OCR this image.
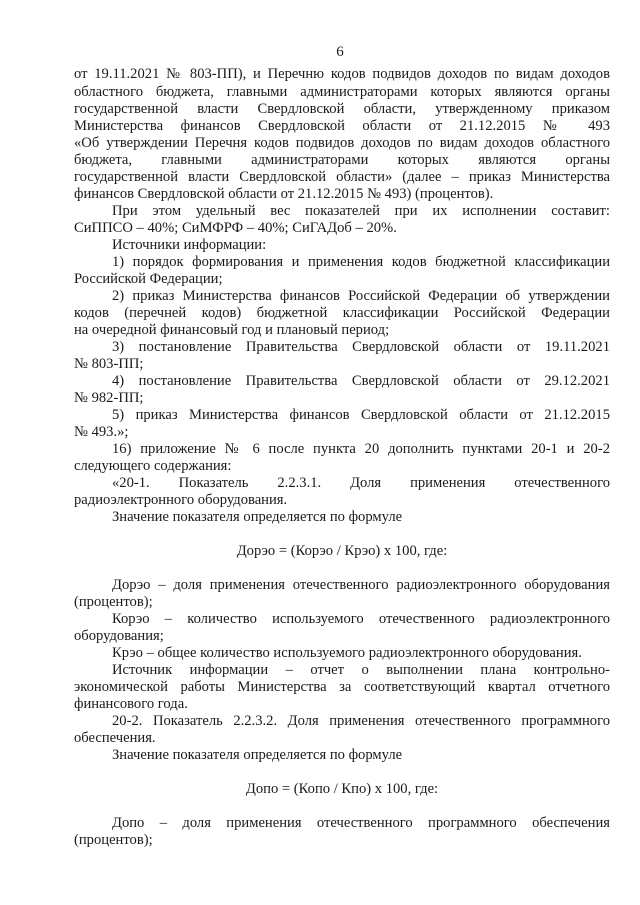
6
от 19.11.2021 № 803-ПП), и Перечню кодов подвидов доходов по видам доходов
областного бюджета, главными администраторами которых являются органы
государственной власти Свердловской области, утвержденному приказом
Министерства финансов Свердловской области от 21.12.2015 № 493
«Об утверждении Перечня кодов подвидов доходов по видам доходов областного
бюджета, главными администраторами которых являются органы
государственной власти Свердловской области» (далее – приказ Министерства
финансов Свердловской области от 21.12.2015 № 493) (процентов).
При этом удельный вес показателей при их исполнении составит:
СиППСО – 40%; СиМФРФ – 40%; СиГАДоб – 20%.
Источники информации:
1) порядок формирования и применения кодов бюджетной классификации
Российской Федерации;
2) приказ Министерства финансов Российской Федерации об утверждении
кодов (перечней кодов) бюджетной классификации Российской Федерации
на очередной финансовый год и плановый период;
3) постановление Правительства Свердловской области от 19.11.2021
№ 803-ПП;
4) постановление Правительства Свердловской области от 29.12.2021
№ 982-ПП;
5) приказ Министерства финансов Свердловской области от 21.12.2015
№ 493.»;
16) приложение № 6 после пункта 20 дополнить пунктами 20-1 и 20-2
следующего содержания:
«20-1. Показатель 2.2.3.1. Доля применения отечественного
радиоэлектронного оборудования.
Значение показателя определяется по формуле
Дорэо = (Корэо / Крэо) x 100, где:
Дорэо – доля применения отечественного радиоэлектронного оборудования
(процентов);
Корэо – количество используемого отечественного радиоэлектронного
оборудования;
Крэо – общее количество используемого радиоэлектронного оборудования.
Источник информации – отчет о выполнении плана контрольно-
экономической работы Министерства за соответствующий квартал отчетного
финансового года.
20-2. Показатель 2.2.3.2. Доля применения отечественного программного
обеспечения.
Значение показателя определяется по формуле
Допо = (Копо / Кпо) x 100, где:
Допо – доля применения отечественного программного обеспечения
(процентов);
